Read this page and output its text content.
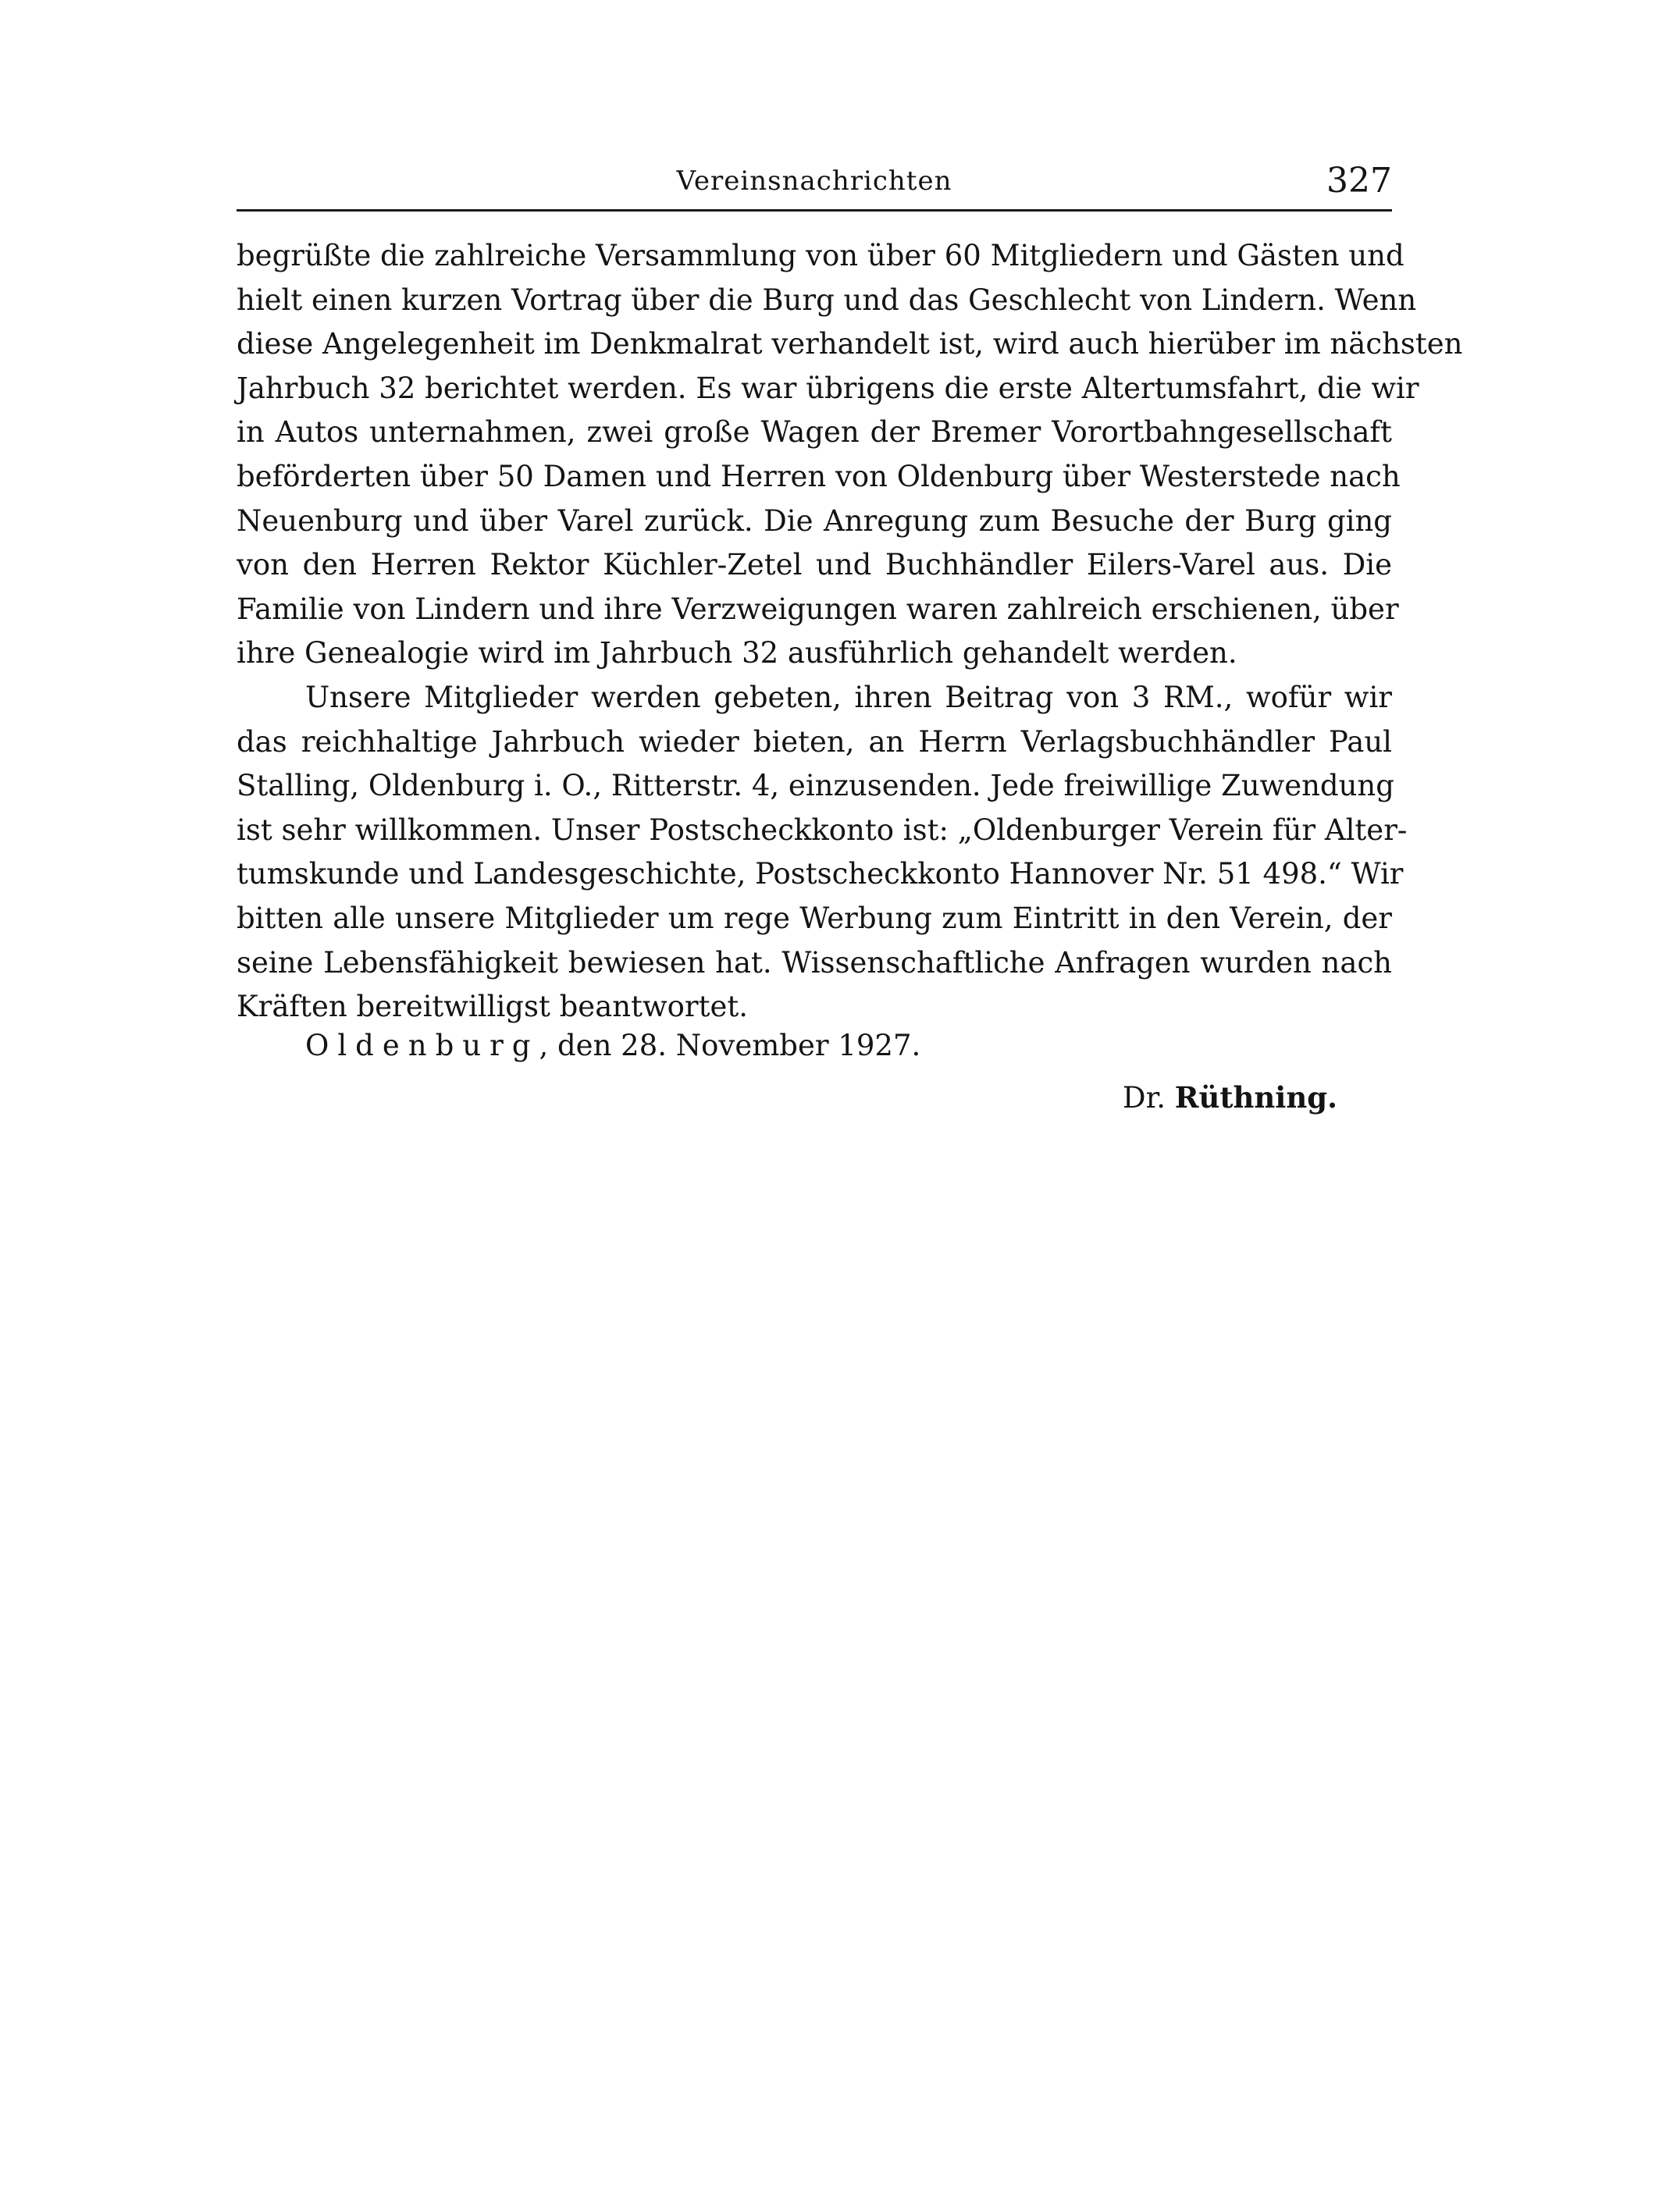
Vereinsnachrichten	327
begrüßte die zahlreiche Versammlung von über 60 Mitgliedern und Gästen und
hielt einen kurzen Vortrag über die Burg und das Geschlecht von Lindern. Wenn
diese Angelegenheit im Denkmalrat verhandelt ist, wird auch hierüber im nächsten
Jahrbuch 32 berichtet werden. Es war übrigens die erste Altertumsfahrt, die wir
in Autos unternahmen, zwei große Wagen der Bremer Vorortbahngesellschaft
beförderten über 50 Damen und Herren von Oldenburg über Westerstede nach
Neuenburg und über Varel zurück. Die Anregung zum Besuche der Burg ging
von den Herren Rektor Küchler-Zetel und Buchhändler Eilers-Varel aus. Die
Familie von Lindern und ihre Verzweigungen waren zahlreich erschienen, über
ihre Genealogie wird im Jahrbuch 32 ausführlich gehandelt werden.
Unsere Mitglieder werden gebeten, ihren Beitrag von 3 RM., wofür wir
das reichhaltige Jahrbuch wieder bieten, an Herrn Verlagsbuchhändler Paul
Stalling, Oldenburg i. O., Ritterstr. 4, einzusenden. Jede freiwillige Zuwendung
ist sehr willkommen. Unser Postscheckkonto ist: „Oldenburger Verein für Alter-
tumskunde und Landesgeschichte, Postscheckkonto Hannover Nr. 51 498.“ Wir
bitten alle unsere Mitglieder um rege Werbung zum Eintritt in den Verein, der
seine Lebensfähigkeit bewiesen hat. Wissenschaftliche Anfragen wurden nach
Kräften bereitwilligst beantwortet.
Oldenburg, den 28. November 1927.
Dr. Rüthning.
